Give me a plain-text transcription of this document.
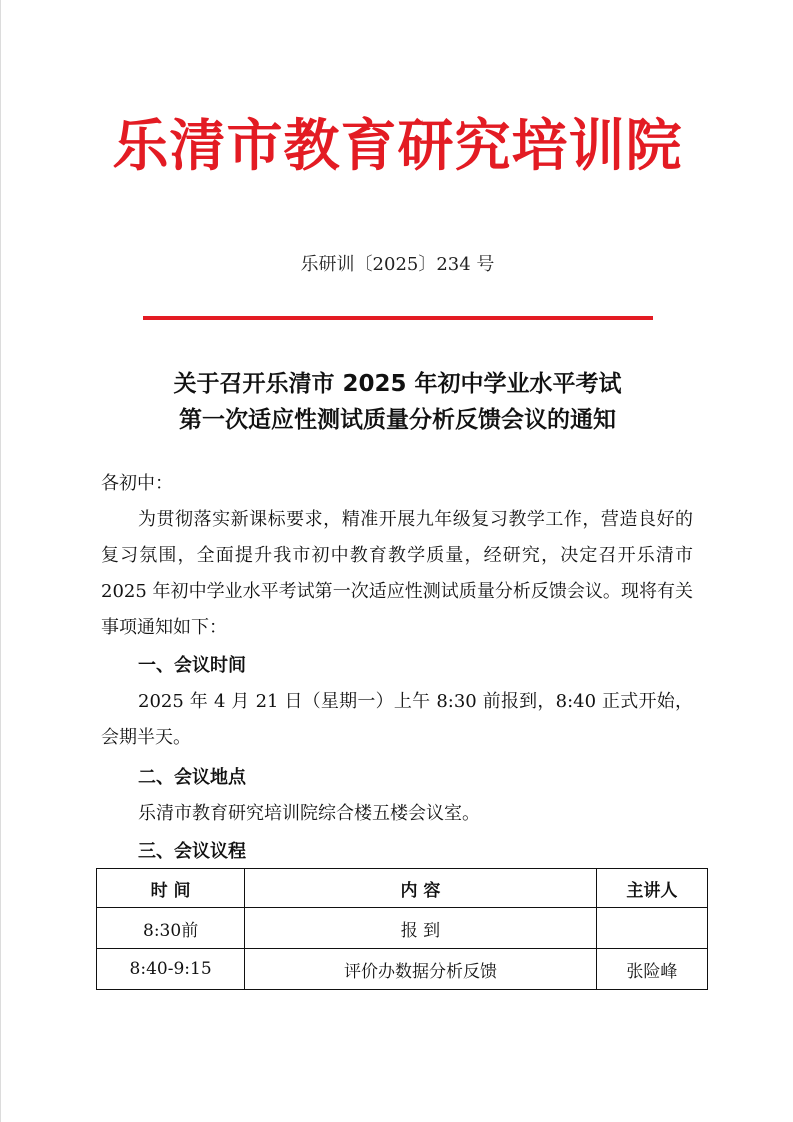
乐清市教育研究培训院
乐研训〔2025〕234 号
关于召开乐清市 2025 年初中学业水平考试
第一次适应性测试质量分析反馈会议的通知
各初中：
为贯彻落实新课标要求，精准开展九年级复习教学工作，营造良好的复习氛围，全面提升我市初中教育教学质量，经研究，决定召开乐清市 2025 年初中学业水平考试第一次适应性测试质量分析反馈会议。现将有关事项通知如下：
一、会议时间
2025 年 4 月 21 日（星期一）上午 8:30 前报到，8:40 正式开始，会期半天。
二、会议地点
乐清市教育研究培训院综合楼五楼会议室。
三、会议议程
时 间	内 容	主讲人
8:30前	报 到	
8:40-9:15	评价办数据分析反馈	张险峰
